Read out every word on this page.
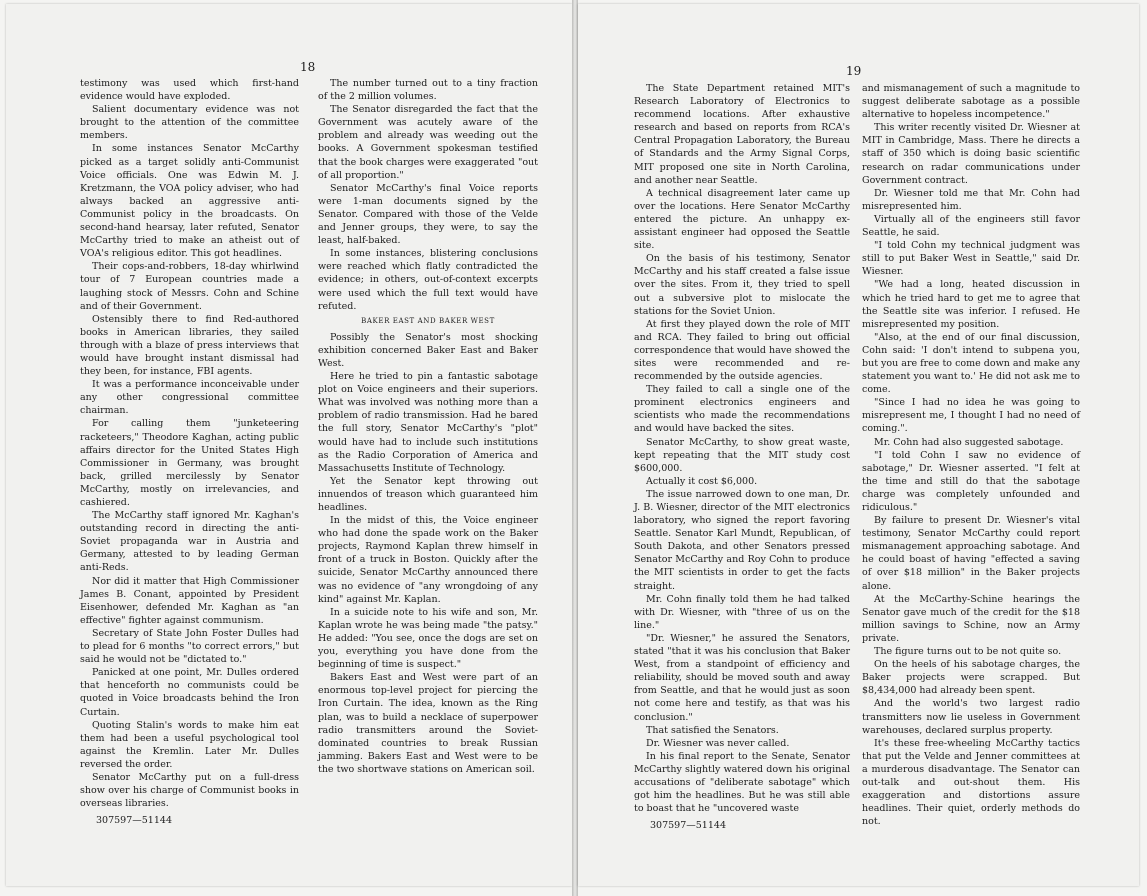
18

testimony was used which first-hand evidence would have exploded.

Salient documentary evidence was not brought to the attention of the committee members.

In some instances Senator McCarthy picked as a target solidly anti-Communist Voice officials. One was Edwin M. J. Kretzmann, the VOA policy adviser, who had always backed an aggressive anti-Communist policy in the broadcasts. On second-hand hearsay, later refuted, Senator McCarthy tried to make an atheist out of VOA's religious editor. This got headlines.

Their cops-and-robbers, 18-day whirlwind tour of 7 European countries made a laughing stock of Messrs. Cohn and Schine and of their Government.

Ostensibly there to find Red-authored books in American libraries, they sailed through with a blaze of press interviews that would have brought instant dismissal had they been, for instance, FBI agents.

It was a performance inconceivable under any other congressional committee chairman.

For calling them "junketeering racketeers," Theodore Kaghan, acting public affairs director for the United States High Commissioner in Germany, was brought back, grilled mercilessly by Senator McCarthy, mostly on irrelevancies, and cashiered.

The McCarthy staff ignored Mr. Kaghan's outstanding record in directing the anti-Soviet propaganda war in Austria and Germany, attested to by leading German anti-Reds.

Nor did it matter that High Commissioner James B. Conant, appointed by President Eisenhower, defended Mr. Kaghan as "an effective" fighter against communism.

Secretary of State John Foster Dulles had to plead for 6 months "to correct errors," but said he would not be "dictated to."

Panicked at one point, Mr. Dulles ordered that henceforth no communists could be quoted in Voice broadcasts behind the Iron Curtain.

Quoting Stalin's words to make him eat them had been a useful psychological tool against the Kremlin. Later Mr. Dulles reversed the order.

Senator McCarthy put on a full-dress show over his charge of Communist books in overseas libraries.

307597—51144

The number turned out to a tiny fraction of the 2 million volumes.

The Senator disregarded the fact that the Government was acutely aware of the problem and already was weeding out the books. A Government spokesman testified that the book charges were exaggerated "out of all proportion."

Senator McCarthy's final Voice reports were 1-man documents signed by the Senator. Compared with those of the Velde and Jenner groups, they were, to say the least, half-baked.

In some instances, blistering conclusions were reached which flatly contradicted the evidence; in others, out-of-context excerpts were used which the full text would have refuted.

BAKER EAST AND BAKER WEST

Possibly the Senator's most shocking exhibition concerned Baker East and Baker West.

Here he tried to pin a fantastic sabotage plot on Voice engineers and their superiors. What was involved was nothing more than a problem of radio transmission. Had he bared the full story, Senator McCarthy's "plot" would have had to include such institutions as the Radio Corporation of America and Massachusetts Institute of Technology.

Yet the Senator kept throwing out innuendos of treason which guaranteed him headlines.

In the midst of this, the Voice engineer who had done the spade work on the Baker projects, Raymond Kaplan threw himself in front of a truck in Boston. Quickly after the suicide, Senator McCarthy announced there was no evidence of "any wrongdoing of any kind" against Mr. Kaplan.

In a suicide note to his wife and son, Mr. Kaplan wrote he was being made "the patsy." He added: "You see, once the dogs are set on you, everything you have done from the beginning of time is suspect."

Bakers East and West were part of an enormous top-level project for piercing the Iron Curtain. The idea, known as the Ring plan, was to build a necklace of superpower radio transmitters around the Soviet-dominated countries to break Russian jamming. Bakers East and West were to be the two shortwave stations on American soil.

19

The State Department retained MIT's Research Laboratory of Electronics to recommend locations. After exhaustive research and based on reports from RCA's Central Propagation Laboratory, the Bureau of Standards and the Army Signal Corps, MIT proposed one site in North Carolina, and another near Seattle.

A technical disagreement later came up over the locations. Here Senator McCarthy entered the picture. An unhappy ex-assistant engineer had opposed the Seattle site.

On the basis of his testimony, Senator McCarthy and his staff created a false issue over the sites. From it, they tried to spell out a subversive plot to mislocate the stations for the Soviet Union.

At first they played down the role of MIT and RCA. They failed to bring out official correspondence that would have showed the sites were recommended and re-recommended by the outside agencies.

They failed to call a single one of the prominent electronics engineers and scientists who made the recommendations and would have backed the sites.

Senator McCarthy, to show great waste, kept repeating that the MIT study cost $600,000.

Actually it cost $6,000.

The issue narrowed down to one man, Dr. J. B. Wiesner, director of the MIT electronics laboratory, who signed the report favoring Seattle. Senator Karl Mundt, Republican, of South Dakota, and other Senators pressed Senator McCarthy and Roy Cohn to produce the MIT scientists in order to get the facts straight.

Mr. Cohn finally told them he had talked with Dr. Wiesner, with "three of us on the line."

"Dr. Wiesner," he assured the Senators, stated "that it was his conclusion that Baker West, from a standpoint of efficiency and reliability, should be moved south and away from Seattle, and that he would just as soon not come here and testify, as that was his conclusion."

That satisfied the Senators.

Dr. Wiesner was never called.

In his final report to the Senate, Senator McCarthy slightly watered down his original accusations of "deliberate sabotage" which got him the headlines. But he was still able to boast that he "uncovered waste

307597—51144

and mismanagement of such a magnitude to suggest deliberate sabotage as a possible alternative to hopeless incompetence."

This writer recently visited Dr. Wiesner at MIT in Cambridge, Mass. There he directs a staff of 350 which is doing basic scientific research on radar communications under Government contract.

Dr. Wiesner told me that Mr. Cohn had misrepresented him.

Virtually all of the engineers still favor Seattle, he said.

"I told Cohn my technical judgment was still to put Baker West in Seattle," said Dr. Wiesner.

"We had a long, heated discussion in which he tried hard to get me to agree that the Seattle site was inferior. I refused. He misrepresented my position.

"Also, at the end of our final discussion, Cohn said: 'I don't intend to subpena you, but you are free to come down and make any statement you want to.' He did not ask me to come.

"Since I had no idea he was going to misrepresent me, I thought I had no need of coming.".

Mr. Cohn had also suggested sabotage.

"I told Cohn I saw no evidence of sabotage," Dr. Wiesner asserted. "I felt at the time and still do that the sabotage charge was completely unfounded and ridiculous."

By failure to present Dr. Wiesner's vital testimony, Senator McCarthy could report mismanagement approaching sabotage. And he could boast of having "effected a saving of over $18 million" in the Baker projects alone.

At the McCarthy-Schine hearings the Senator gave much of the credit for the $18 million savings to Schine, now an Army private.

The figure turns out to be not quite so.

On the heels of his sabotage charges, the Baker projects were scrapped. But $8,434,000 had already been spent.

And the world's two largest radio transmitters now lie useless in Government warehouses, declared surplus property.

It's these free-wheeling McCarthy tactics that put the Velde and Jenner committees at a murderous disadvantage. The Senator can out-talk and out-shout them. His exaggeration and distortions assure headlines. Their quiet, orderly methods do not.
